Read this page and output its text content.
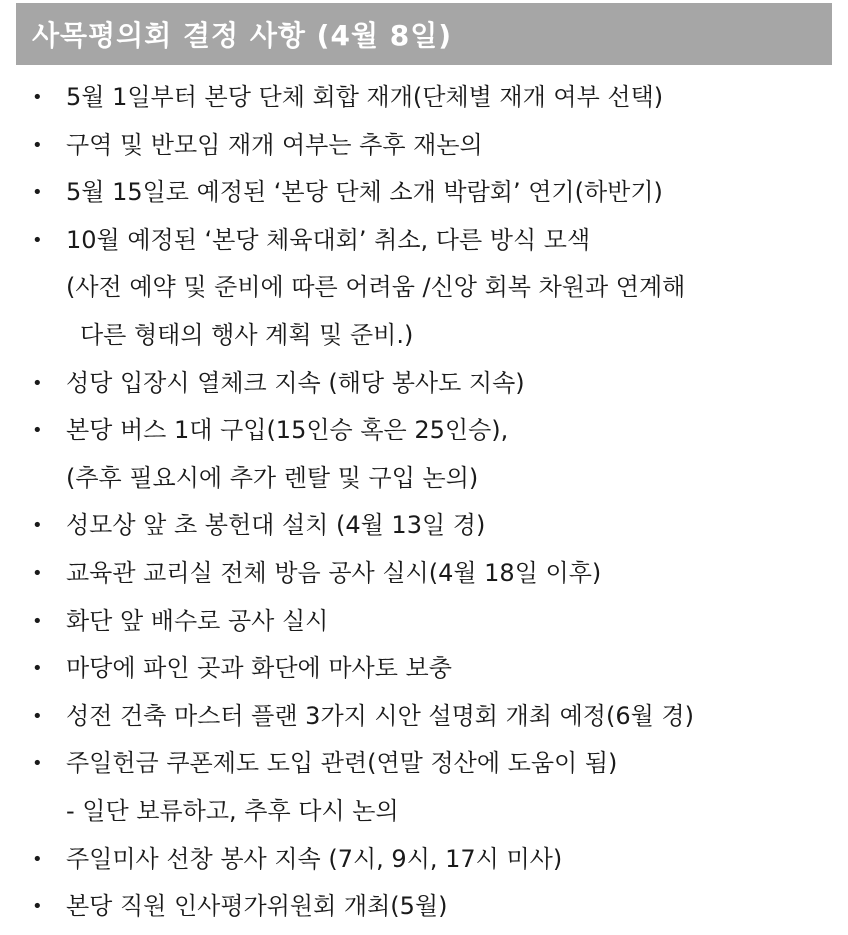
사목평의회 결정 사항 (4월 8일)
• 5월 1일부터 본당 단체 회합 재개(단체별 재개 여부 선택)
• 구역 및 반모임 재개 여부는 추후 재논의
• 5월 15일로 예정된 ‘본당 단체 소개 박람회’ 연기(하반기)
• 10월 예정된 ‘본당 체육대회’ 취소, 다른 방식 모색
(사전 예약 및 준비에 따른 어려움 /신앙 회복 차원과 연계해
다른 형태의 행사 계획 및 준비.)
• 성당 입장시 열체크 지속 (해당 봉사도 지속)
• 본당 버스 1대 구입(15인승 혹은 25인승),
(추후 필요시에 추가 렌탈 및 구입 논의)
• 성모상 앞 초 봉헌대 설치 (4월 13일 경)
• 교육관 교리실 전체 방음 공사 실시(4월 18일 이후)
• 화단 앞 배수로 공사 실시
• 마당에 파인 곳과 화단에 마사토 보충
• 성전 건축 마스터 플랜 3가지 시안 설명회 개최 예정(6월 경)
• 주일헌금 쿠폰제도 도입 관련(연말 정산에 도움이 됨)
- 일단 보류하고, 추후 다시 논의
• 주일미사 선창 봉사 지속 (7시, 9시, 17시 미사)
• 본당 직원 인사평가위원회 개최(5월)
